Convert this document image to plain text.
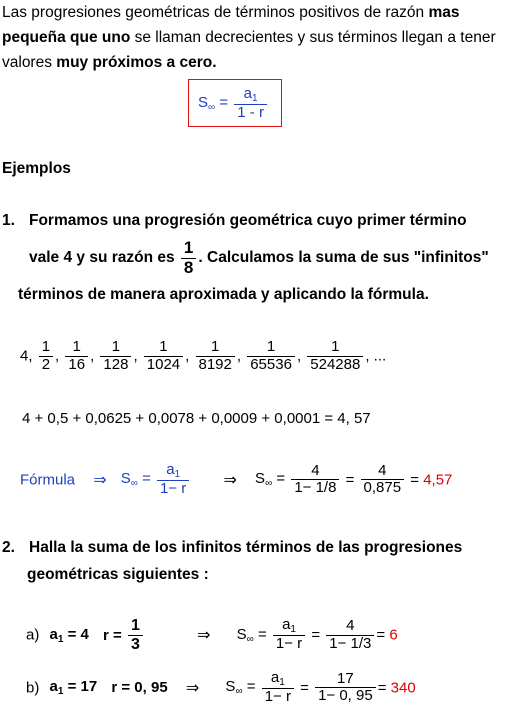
Las progresiones geométricas de términos positivos de razón mas pequeña que uno se llaman decrecientes y sus términos llegan a tener valores muy próximos a cero.
$S_\infty = \frac{a_1}{1 - r}$
Ejemplos
1. Formamos una progresión geométrica cuyo primer término
vale 4 y su razón es $\frac{1}{8}$ . Calculamos la suma de sus "infinitos"
términos de manera aproximada y aplicando la fórmula.
4, $\frac{1}{2}$ , $\frac{1}{16}$ , $\frac{1}{128}$ , $\frac{1}{1024}$ , $\frac{1}{8192}$ , $\frac{1}{65536}$ , $\frac{1}{524288}$ , ...
4 + 0,5 + 0,0625 + 0,0078 + 0,0009 + 0,0001 = 4, 57
Fórmula ⇒ $S_\infty = \frac{a_1}{1- r}$ ⇒ $S_\infty = \frac{4}{1- 1/8} = \frac{4}{0,875} = 4,57$
2. Halla la suma de los infinitos términos de las progresiones
geométricas siguientes :
a) $a_1 = 4$ $r = \frac{1}{3}$	⇒ $S_\infty = \frac{a_1}{1- r} = \frac{4}{1- 1/3} = 6$
b) $a_1 = 17$ r = 0, 95 ⇒ $S_\infty = \frac{a_1}{1- r} = \frac{17}{1- 0, 95} = 340$
